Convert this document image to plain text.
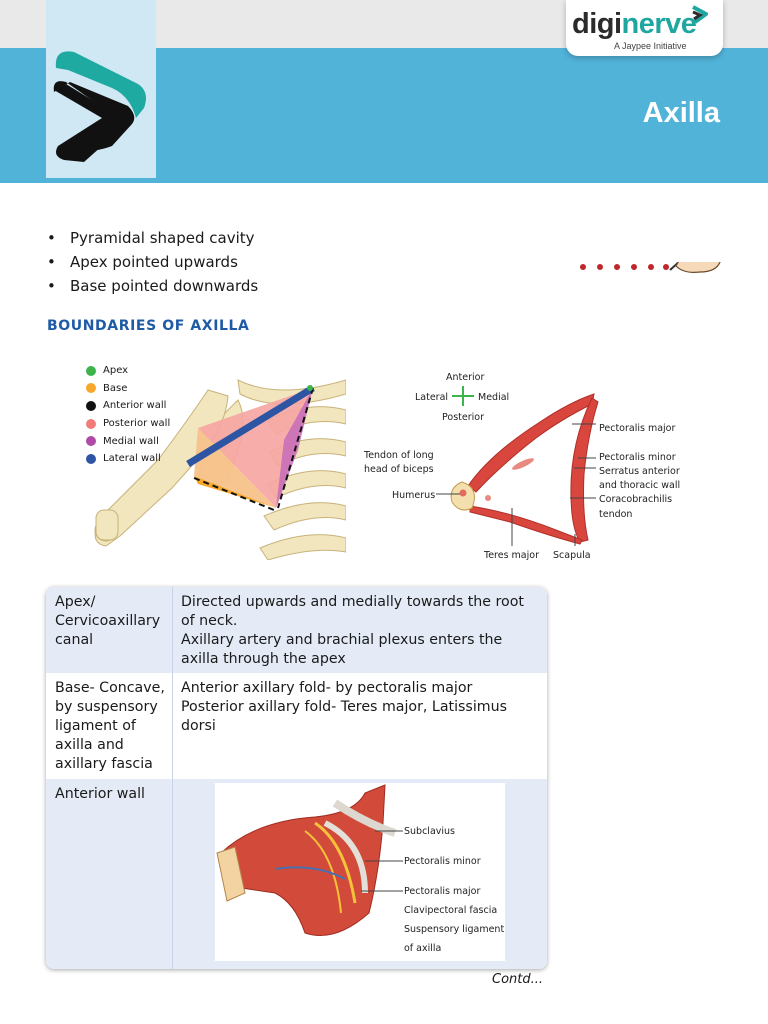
diginerve
A Jaypee Initiative
Axilla
• Pyramidal shaped cavity
• Apex pointed upwards
• Base pointed downwards
BOUNDARIES OF AXILLA
Apex
Base
Anterior wall
Posterior wall
Medial wall
Lateral wall
Anterior
Lateral	Medial
Posterior
Tendon of long
head of biceps
Humerus
Teres major Scapula
Pectoralis major
Pectoralis minor
Serratus anterior
and thoracic wall
Coracobrachilis
tendon
Apex/ Cervicoaxillary canal

Directed upwards and medially towards the root of neck.

Axillary artery and brachial plexus enters the axilla through the apex

Base- Concave, by suspensory ligament of axilla and axillary fascia

Anterior axillary fold- by pectoralis major

Posterior axillary fold- Teres major, Latissimus dorsi

Anterior wall
Subclavius
Pectoralis minor
Pectoralis major
Clavipectoral fascia
Suspensory ligament
of axilla
Contd...
